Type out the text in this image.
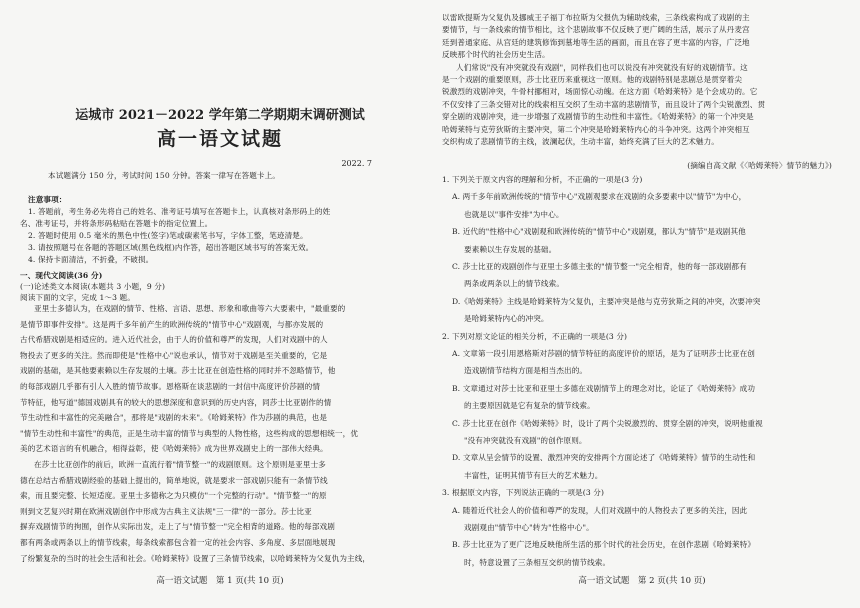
运城市 2021－2022 学年第二学期期末调研测试
高一语文试题
2022. 7
本试题满分 150 分，考试时间 150 分钟。答案一律写在答题卡上。
注意事项：
1. 答题前，考生务必先将自己的姓名、准考证号填写在答题卡上，认真核对条形码上的姓
名、准考证号，并将条形码粘贴在答题卡的指定位置上。
2. 答题时使用 0.5 毫米的黑色中性(签字)笔或碳素笔书写，字体工整，笔迹清楚。
3. 请按照题号在各题的答题区域(黑色线框)内作答，超出答题区域书写的答案无效。
4. 保持卡面清洁，不折叠，不破损。
一、现代文阅读(36 分)
(一)论述类文本阅读(本题共 3 小题，9 分)
阅读下面的文字，完成 1～3 题。
亚里士多德认为，在戏剧的情节、性格、言语、思想、形象和歌曲等六大要素中，"最重要的
是情节即事件安排"。这是两千多年前产生的欧洲传统的"情节中心"戏剧观，与都亦发展的
古代希腊戏剧是相适应的。进入近代社会，由于人的价值和尊严的发现，人们对戏剧中的人
物投去了更多的关注。然而即使是"性格中心"说也承认，情节对于戏剧是至关重要的，它是
戏剧的基础，是其他要素赖以生存发展的土壤。莎士比亚在创造性格的同时并不忽略情节，他
的每部戏剧几乎都有引人入胜的情节故事。恩格斯在谈悲剧的一封信中高度评价莎剧的情
节特征，他写道"德国戏剧具有的较大的思想深度和意识到的历史内容，同莎士比亚剧作的情
节生动性和丰富性的完美融合"，那将是"戏剧的未来"。《哈姆莱特》作为莎剧的典范，也是
"情节生动性和丰富性"的典范，正是生动丰富的情节与典型的人物性格，这些构成的思想相统一，优
美的艺术语言的有机融合，相得益彰，使《哈姆莱特》成为世界戏剧史上的一部伟大经典。
在莎士比亚创作的前后，欧洲一直流行着"情节整一"的戏剧原则。这个原则是亚里士多
德在总结古希腊戏剧经验的基础上提出的，简单地说，就是要求一部戏剧只能有一条情节线
索，而且要完整、长短适度。亚里士多德称之为只模仿"一个完整的行动"。"情节整一"的原
则到文艺复兴时期在欧洲戏剧创作中形成为古典主义法规"三一律"的一部分。莎士比亚
摒弃戏剧情节的拘囿，创作从实际出发，走上了与"情节整一"完全相背的道路。他的每部戏剧
都有两条或两条以上的情节线索，每条线索都包含着一定的社会内容、多角度、多层面地展现
了纷繁复杂的当时的社会生活和社会。《哈姆莱特》设置了三条情节线索，以哈姆莱特为父复仇为主线，
高一语文试题　第 1 页(共 10 页)
以雷欧提斯为父复仇及挪威王子福丁布拉斯为父报仇为辅助线索，三条线索构成了戏剧的主
要情节，与一条线索的情节相比，这个悲剧故事不仅反映了更广阔的生活，展示了从丹麦宫
廷到普通家庭、从宫廷的建筑修饰到墓地等生活的画面，而且在容了更丰富的内容，广泛地
反映那个时代的社会历史生活。
人们常说"没有冲突就没有戏剧"，同样我们也可以说没有冲突就没有好的戏剧情节。这
是一个戏剧的重要原则，莎士比亚历来重视这一原则。他的戏剧特别是悲剧总是贯穿着尖
锐激烈的戏剧冲突，牛骨村挪相对，场面惊心动魄。在这方面《哈姆莱特》是个会成功的。它
不仅安排了三条交错对比的线索相互交织了生动丰富的悲剧情节，而且设计了两个尖锐激烈、贯
穿全剧的戏剧冲突，进一步增强了戏剧情节的生动性和丰富性。《哈姆莱特》的第一个冲突是
哈姆莱特与克劳狄斯的主要冲突，第二个冲突是哈姆莱特内心的斗争冲突。这两个冲突相互
交织构成了悲剧情节的主线，波澜起伏，生动丰富，始终充满了巨大的艺术魅力。
(摘编自高文献《〈哈姆莱特〉情节的魅力》)
1. 下列关于原文内容的理解和分析，不正确的一项是(3 分)
A. 两千多年前欧洲传统的"情节中心"戏剧观要求在戏剧的众多要素中以"情节"为中心，
也就是以"事件安排"为中心。
B. 近代的"性格中心"戏剧观和欧洲传统的"情节中心"戏剧观，都认为"情节"是戏剧其他
要素赖以生存发展的基础。
C. 莎士比亚的戏剧创作与亚里士多德主张的"情节整一"完全相背，他的每一部戏剧都有
两条或两条以上的情节线索。
D.《哈姆莱特》主线是哈姆莱特为父复仇，主要冲突是他与克劳狄斯之间的冲突，次要冲突
是哈姆莱特内心的冲突。
2. 下列对原文论证的相关分析，不正确的一项是(3 分)
A. 文章第一段引用恩格斯对莎剧的情节特征的高度评价的原话，是为了证明莎士比亚在创
造戏剧情节结构方面是相当杰出的。
B. 文章通过对莎士比亚和亚里士多德在戏剧情节上的理念对比，论证了《哈姆莱特》成功
的主要原因就是它有复杂的情节线索。
C. 莎士比亚在创作《哈姆莱特》时，设计了两个尖锐激烈的、贯穿全剧的冲突，说明他重视
"没有冲突就没有戏剧"的创作原则。
D. 文章从呈会情节的设置、激烈冲突的安排两个方面论述了《哈姆莱特》情节的生动性和
丰富性，证明其情节有巨大的艺术魅力。
3. 根据原文内容，下列说法正确的一项是(3 分)
A. 随着近代社会人的价值和尊严的发现，人们对戏剧中的人物投去了更多的关注，因此
戏剧观由"情节中心"转为"性格中心"。
B. 莎士比亚为了更广泛地反映他所生活的那个时代的社会历史，在创作悲剧《哈姆莱特》
时，特意设置了三条相互交织的情节线索。
高一语文试题　第 2 页(共 10 页)
